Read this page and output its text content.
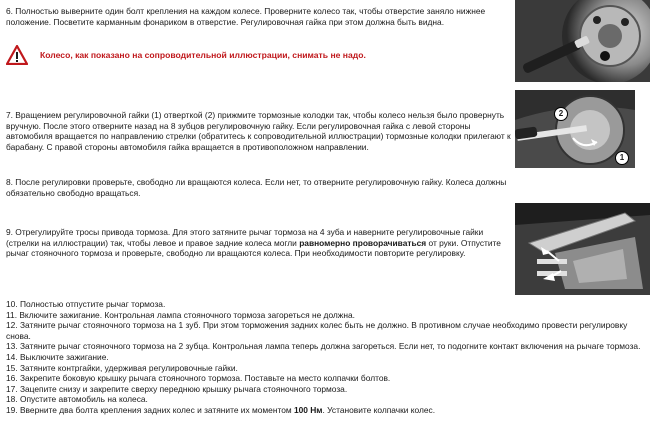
6. Полностью выверните один болт крепления на каждом колесе. Проверните колесо так, чтобы отверстие заняло нижнее положение. Посветите карманным фонариком в отверстие. Регулировочная гайка при этом должна быть видна.

Колесо, как показано на сопроводительной иллюстрации, снимать не надо.

7. Вращением регулировочной гайки (1) отверткой (2) прижмите тормозные колодки так, чтобы колесо нельзя было провернуть вручную. После этого отверните назад на 8 зубцов регулировочную гайку. Если регулировочная гайка с левой стороны автомобиля вращается по направлению стрелки (обратитесь к сопроводительной иллюстрации) тормозные колодки прилегают к барабану. С правой стороны автомобиля гайка вращается в противоположном направлении.

2
1

8. После регулировки проверьте, свободно ли вращаются колеса. Если нет, то отверните регулировочную гайку. Колеса должны обязательно свободно вращаться.

9. Отрегулируйте тросы привода тормоза. Для этого затяните рычаг тормоза на 4 зуба и наверните регулировочные гайки (стрелки на иллюстрации) так, чтобы левое и правое задние колеса могли равномерно проворачиваться от руки. Отпустите рычаг стояночного тормоза и проверьте, свободно ли вращаются колеса. При необходимости повторите регулировку.

10. Полностью отпустите рычаг тормоза.

11. Включите зажигание. Контрольная лампа стояночного тормоза загореться не должна.

12. Затяните рычаг стояночного тормоза на 1 зуб. При этом торможения задних колес быть не должно. В противном случае необходимо провести регулировку снова.

13. Затяните рычаг стояночного тормоза на 2 зубца. Контрольная лампа теперь должна загореться. Если нет, то подогните контакт включения на рычаге тормоза.

14. Выключите зажигание.

15. Затяните контргайки, удерживая регулировочные гайки.

16. Закрепите боковую крышку рычага стояночного тормоза. Поставьте на место колпачки болтов.

17. Зацепите снизу и закрепите сверху переднюю крышку рычага стояночного тормоза.

18. Опустите автомобиль на колеса.

19. Вверните два болта крепления задних колес и затяните их моментом 100 Нм. Установите колпачки колес.
